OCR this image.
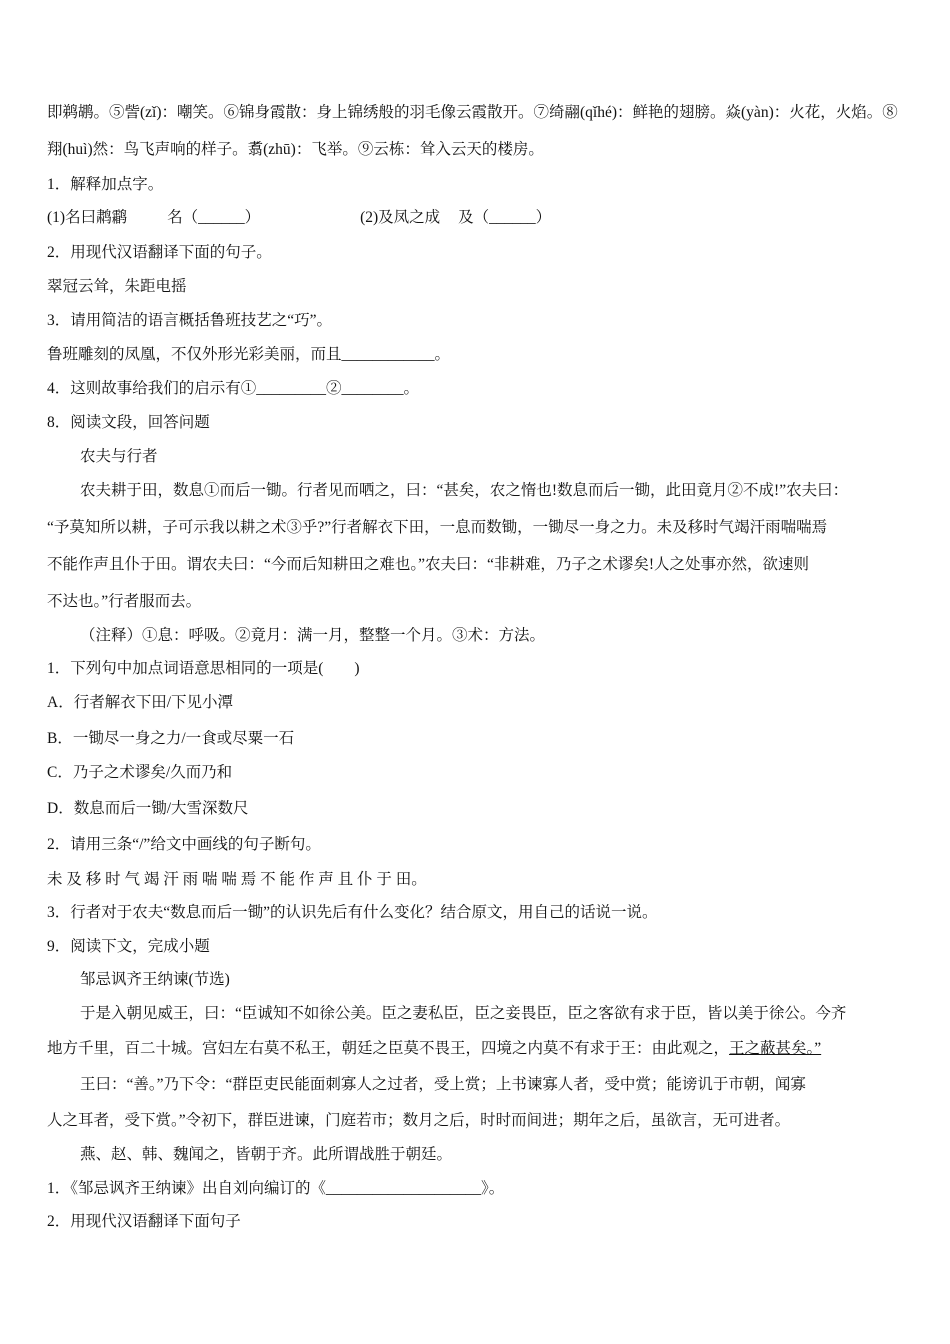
即鹈鹕。⑤訾(zǐ)：嘲笑。⑥锦身霞散：身上锦绣般的羽毛像云霞散开。⑦绮翮(qǐhé)：鲜艳的翅膀。焱(yàn)：火花，火焰。⑧
翔(huì)然：鸟飞声响的样子。翥(zhū)：飞举。⑨云栋：耸入云天的楼房。
1．解释加点字。
(1)名曰鹔鹴	名（______）	(2)及凤之成 及（______）
2．用现代汉语翻译下面的句子。
翠冠云耸，朱距电摇
3．请用简洁的语言概括鲁班技艺之“巧”。
鲁班雕刻的凤凰，不仅外形光彩美丽，而且____________。
4．这则故事给我们的启示有①_________②________。
8．阅读文段，回答问题
农夫与行者
农夫耕于田，数息①而后一锄。行者见而哂之，曰：“甚矣，农之惰也!数息而后一锄，此田竟月②不成!”农夫曰：
“予莫知所以耕，子可示我以耕之术③乎?”行者解衣下田，一息而数锄，一锄尽一身之力。未及移时气竭汗雨喘喘焉
不能作声且仆于田。谓农夫曰：“今而后知耕田之难也。”农夫曰：“非耕难，乃子之术谬矣!人之处事亦然，欲速则
不达也。”行者服而去。
（注释）①息：呼吸。②竟月：满一月，整整一个月。③术：方法。
1．下列句中加点词语意思相同的一项是(　　)
A．行者解衣下田/下见小潭
B．一锄尽一身之力/一食或尽粟一石
C．乃子之术谬矣/久而乃和
D．数息而后一锄/大雪深数尺
2．请用三条“/”给文中画线的句子断句。
未 及 移 时 气 竭 汗 雨 喘 喘 焉 不 能 作 声 且 仆 于 田。
3．行者对于农夫“数息而后一锄”的认识先后有什么变化？结合原文，用自己的话说一说。
9．阅读下文，完成小题
邹忌讽齐王纳谏(节选)
于是入朝见威王，曰：“臣诚知不如徐公美。臣之妻私臣，臣之妾畏臣，臣之客欲有求于臣，皆以美于徐公。今齐
地方千里，百二十城。宫妇左右莫不私王，朝廷之臣莫不畏王，四境之内莫不有求于王：由此观之，王之蔽甚矣。”
王曰：“善。”乃下令：“群臣吏民能面刺寡人之过者，受上赏；上书谏寡人者，受中赏；能谤讥于市朝，闻寡
人之耳者，受下赏。”令初下，群臣进谏，门庭若市；数月之后，时时而间进；期年之后，虽欲言，无可进者。
燕、赵、韩、魏闻之，皆朝于齐。此所谓战胜于朝廷。
1．《邹忌讽齐王纳谏》出自刘向编订的《____________________》。
2．用现代汉语翻译下面句子
